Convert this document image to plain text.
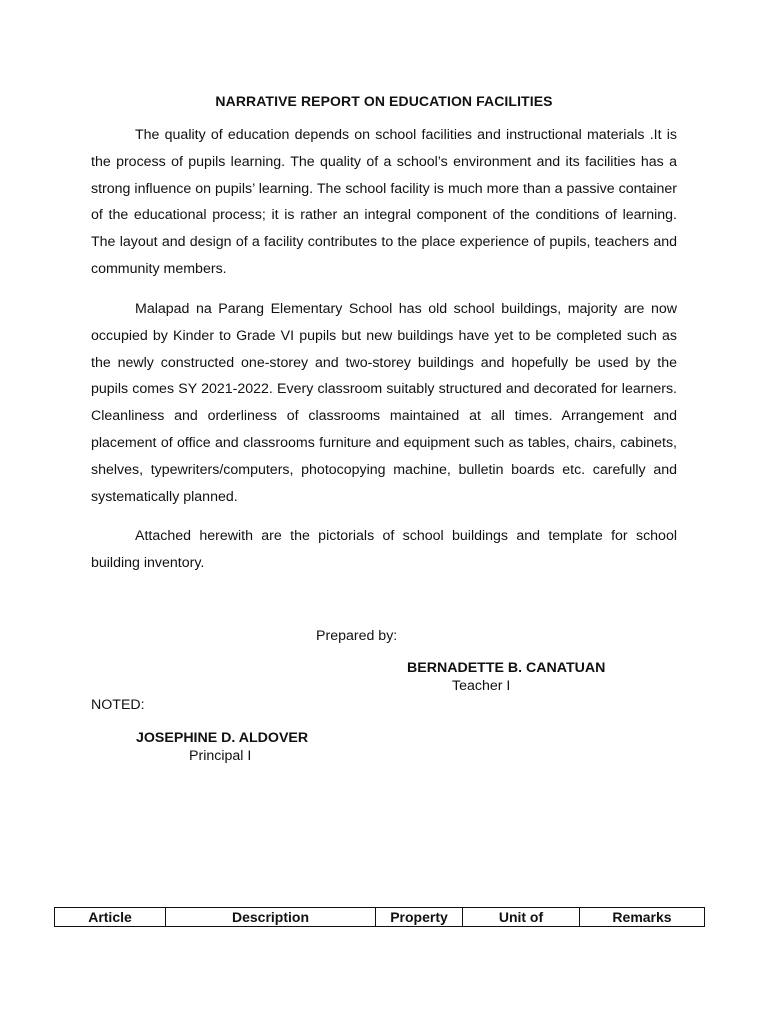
NARRATIVE REPORT ON EDUCATION FACILITIES

The quality of education depends on school facilities and instructional materials .It is the process of pupils learning. The quality of a school’s environment and its facilities has a strong influence on pupils’ learning. The school facility is much more than a passive container of the educational process; it is rather an integral component of the conditions of learning. The layout and design of a facility contributes to the place experience of pupils, teachers and community members.

Malapad na Parang Elementary School has old school buildings, majority are now occupied by Kinder to Grade VI pupils but new buildings have yet to be completed such as the newly constructed one-storey and two-storey buildings and hopefully be used by the pupils comes SY 2021-2022. Every classroom suitably structured and decorated for learners. Cleanliness and orderliness of classrooms maintained at all times. Arrangement and placement of office and classrooms furniture and equipment such as tables, chairs, cabinets, shelves, typewriters/computers, photocopying machine, bulletin boards etc. carefully and systematically planned.

Attached herewith are the pictorials of school buildings and template for school building inventory.

Prepared by:
BERNADETTE B. CANATUAN
Teacher I
NOTED:
JOSEPHINE D. ALDOVER
Principal I
Article	Description	Property	Unit of	Remarks
